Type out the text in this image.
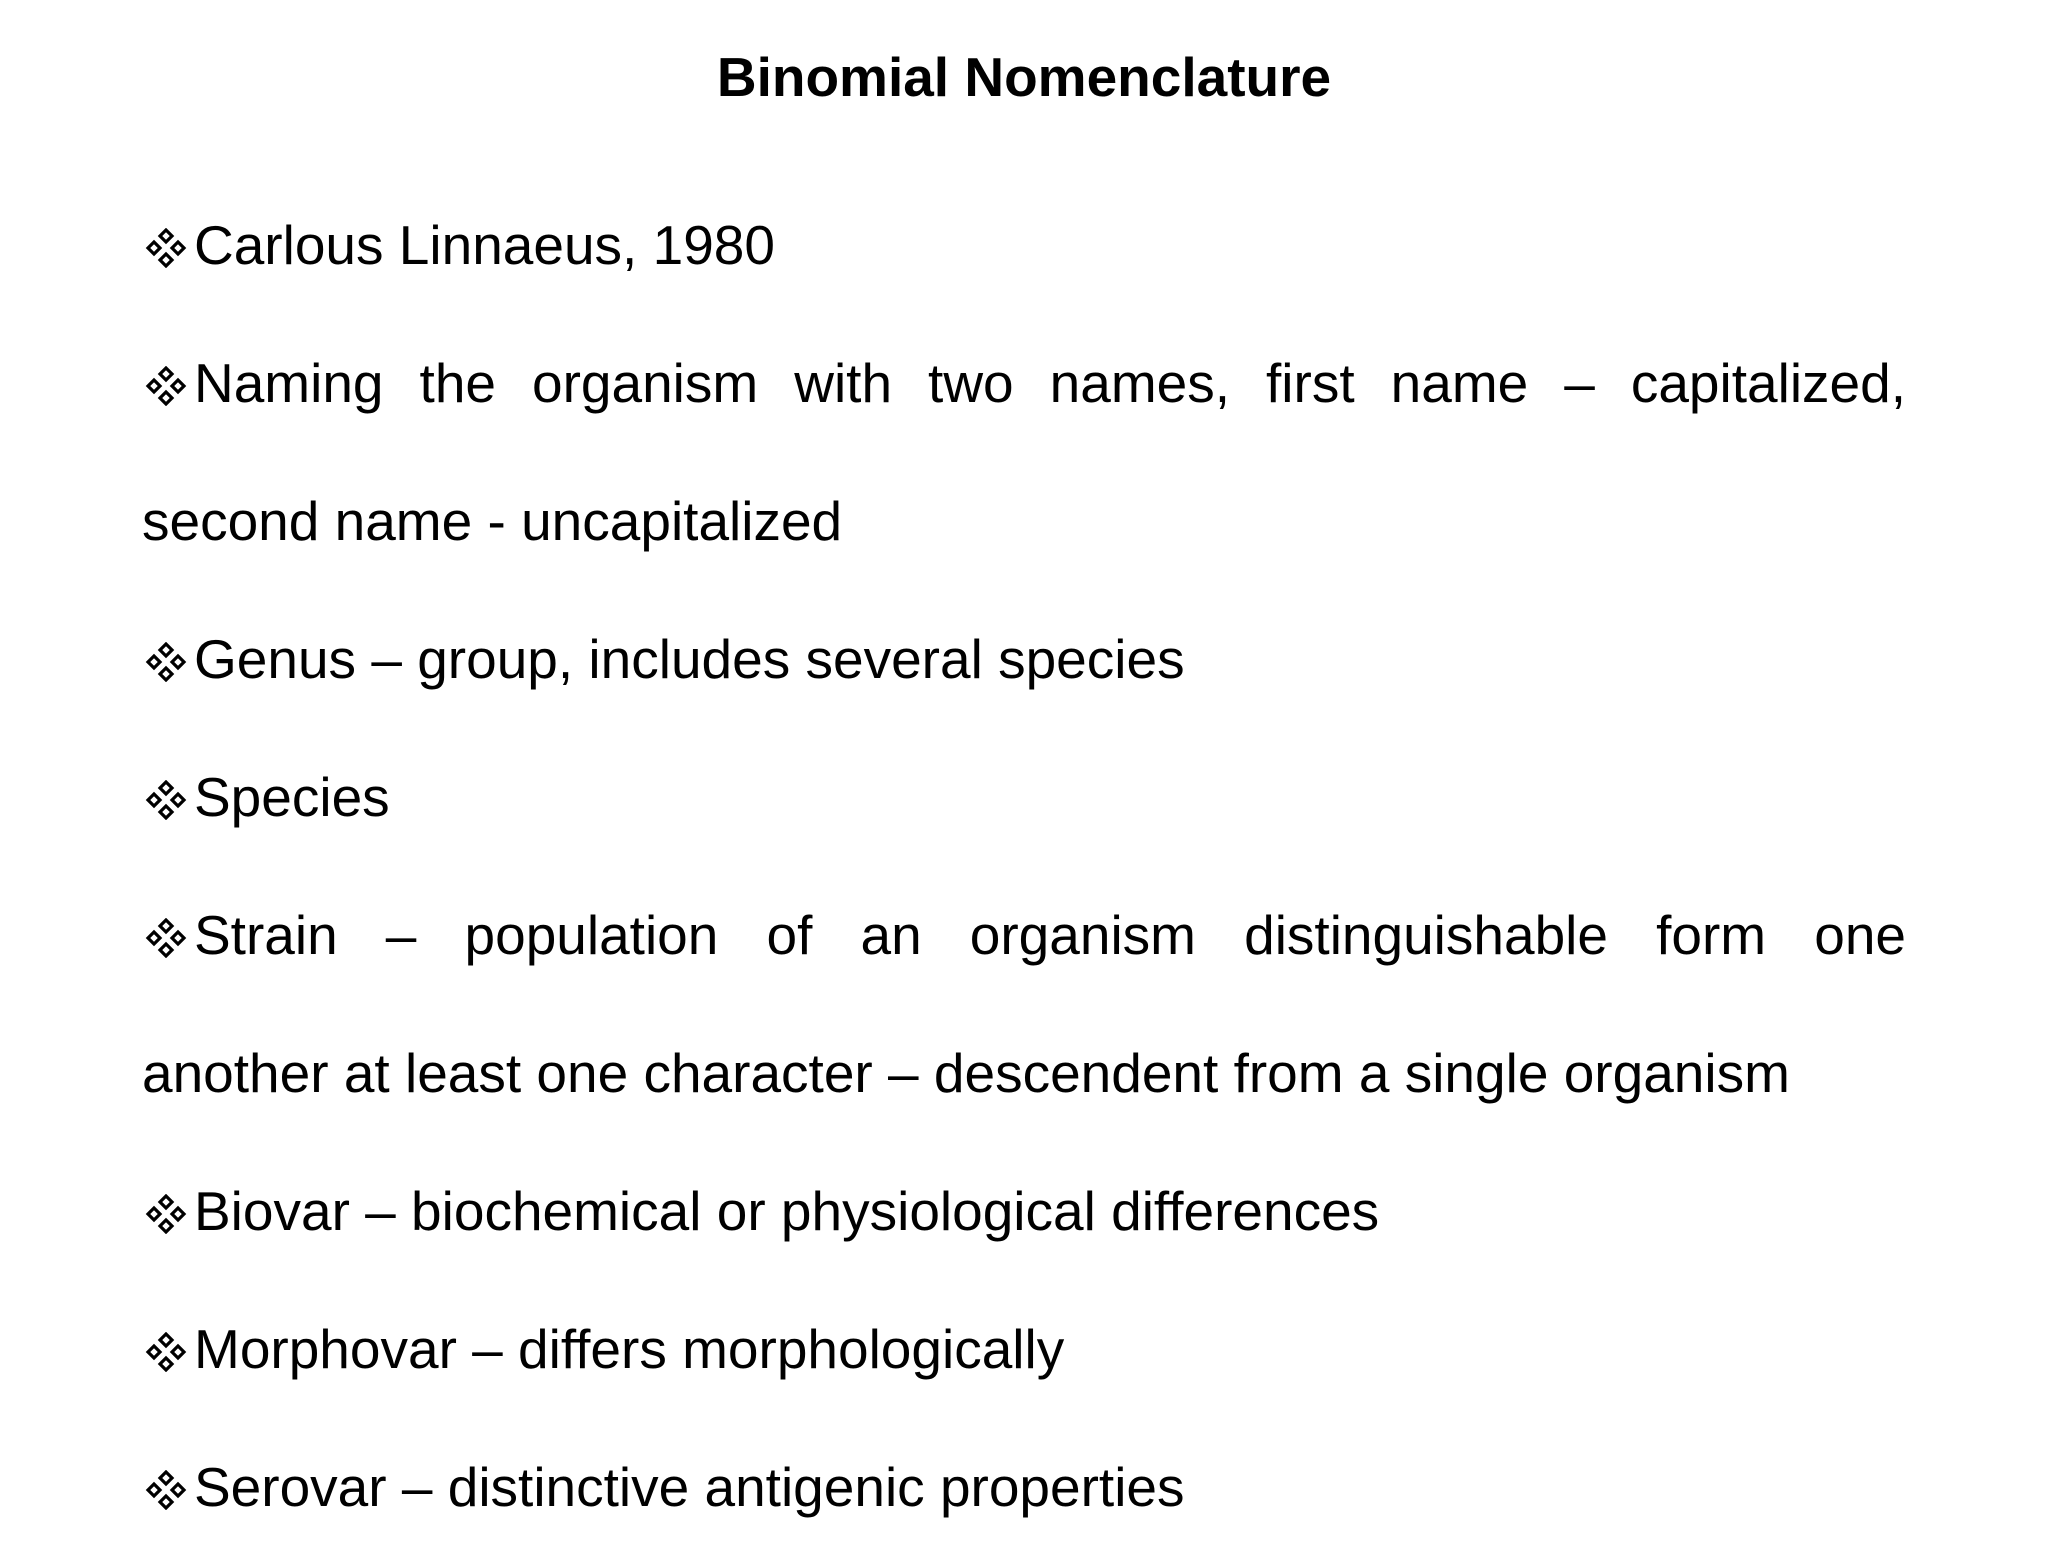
Binomial Nomenclature

Carlous Linnaeus, 1980

Naming the organism with two names, first name – capitalized,

second name - uncapitalized

Genus – group, includes several species

Species

Strain – population of an organism distinguishable form one

another at least one character – descendent from a single organism

Biovar – biochemical or physiological differences

Morphovar – differs morphologically

Serovar – distinctive antigenic properties
